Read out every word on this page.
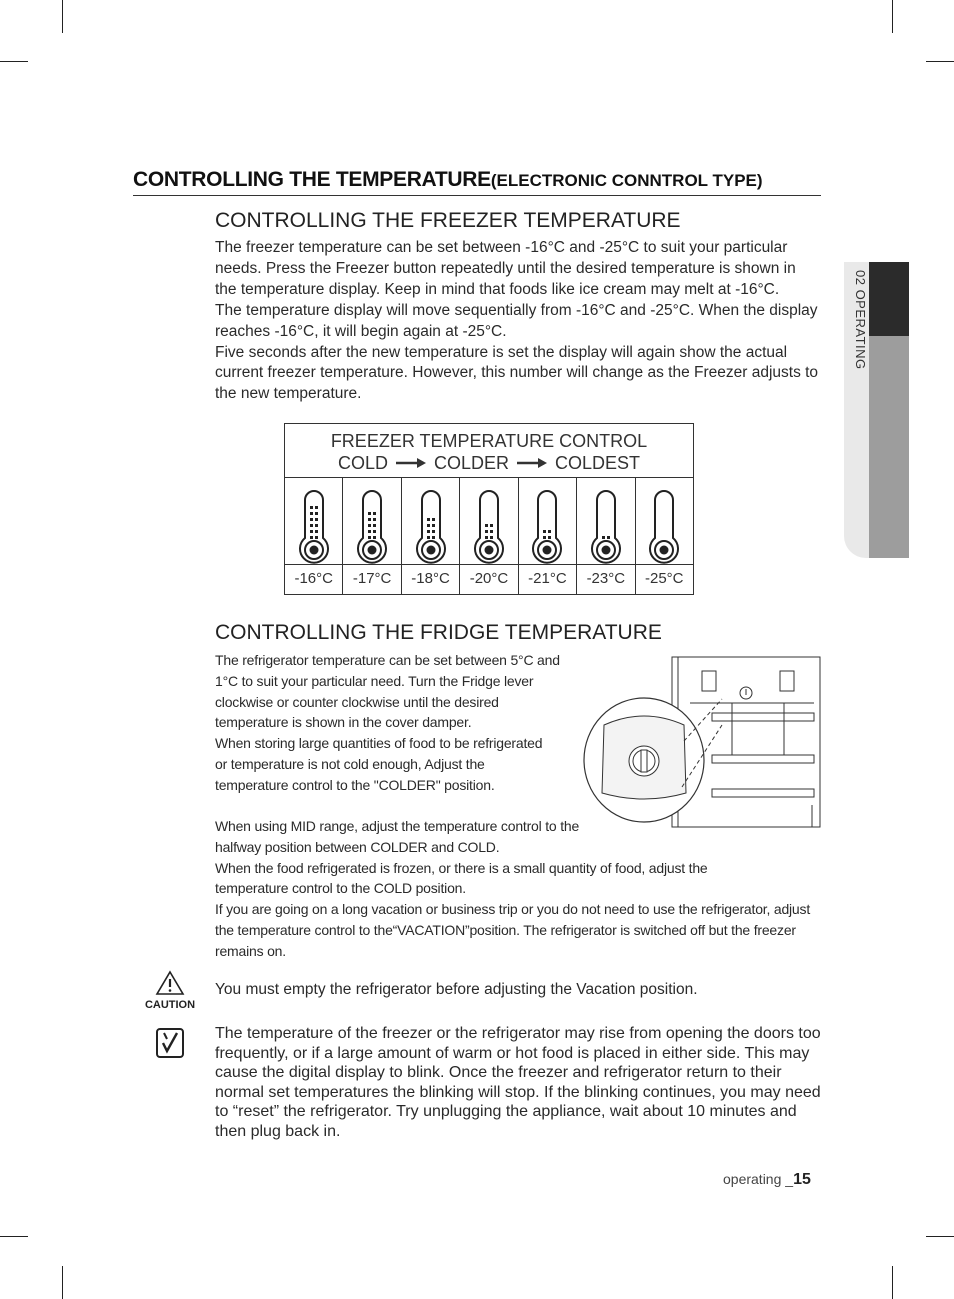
CONTROLLING THE TEMPERATURE(ELECTRONIC CONNTROL TYPE)
02 OPERATING
CONTROLLING THE FREEZER TEMPERATURE

The freezer temperature can be set between -16°C and -25°C to suit your particular needs. Press the Freezer button repeatedly until the desired temperature is shown in the temperature display. Keep in mind that foods like ice cream may melt at -16°C.

The temperature display will move sequentially from -16°C and -25°C. When the display reaches -16°C, it will begin again at -25°C.

Five seconds after the new temperature is set the display will again show the actual current freezer temperature. However, this number will change as the Freezer adjusts to the new temperature.

FREEZER TEMPERATURE CONTROL
COLD	COLDER	COLDEST
-16°C	-17°C	-18°C	-20°C	-21°C	-23°C	-25°C
CONTROLLING THE FRIDGE TEMPERATURE

The refrigerator temperature can be set between 5°C and 1°C to suit your particular need. Turn the Fridge lever clockwise or counter clockwise until the desired temperature is shown in the cover damper.

When storing large quantities of food to be refrigerated or temperature is not cold enough, Adjust the temperature control to the "COLDER" position.

When using MID range, adjust the temperature control to the halfway position between COLDER and COLD.

When the food refrigerated is frozen, or there is a small quantity of food, adjust the temperature control to the COLD position.

If you are going on a long vacation or business trip or you do not need to use the refrigerator, adjust the temperature control to the“VACATION”position. The refrigerator is switched off but the freezer remains on.

CAUTION
You must empty the refrigerator before adjusting the Vacation position.
The temperature of the freezer or the refrigerator may rise from opening the doors too frequently, or if a large amount of warm or hot food is placed in either side. This may cause the digital display to blink. Once the freezer and refrigerator return to their normal set temperatures the blinking will stop. If the blinking continues, you may need to “reset” the refrigerator. Try unplugging the appliance, wait about 10 minutes and then plug back in.
operating _15
